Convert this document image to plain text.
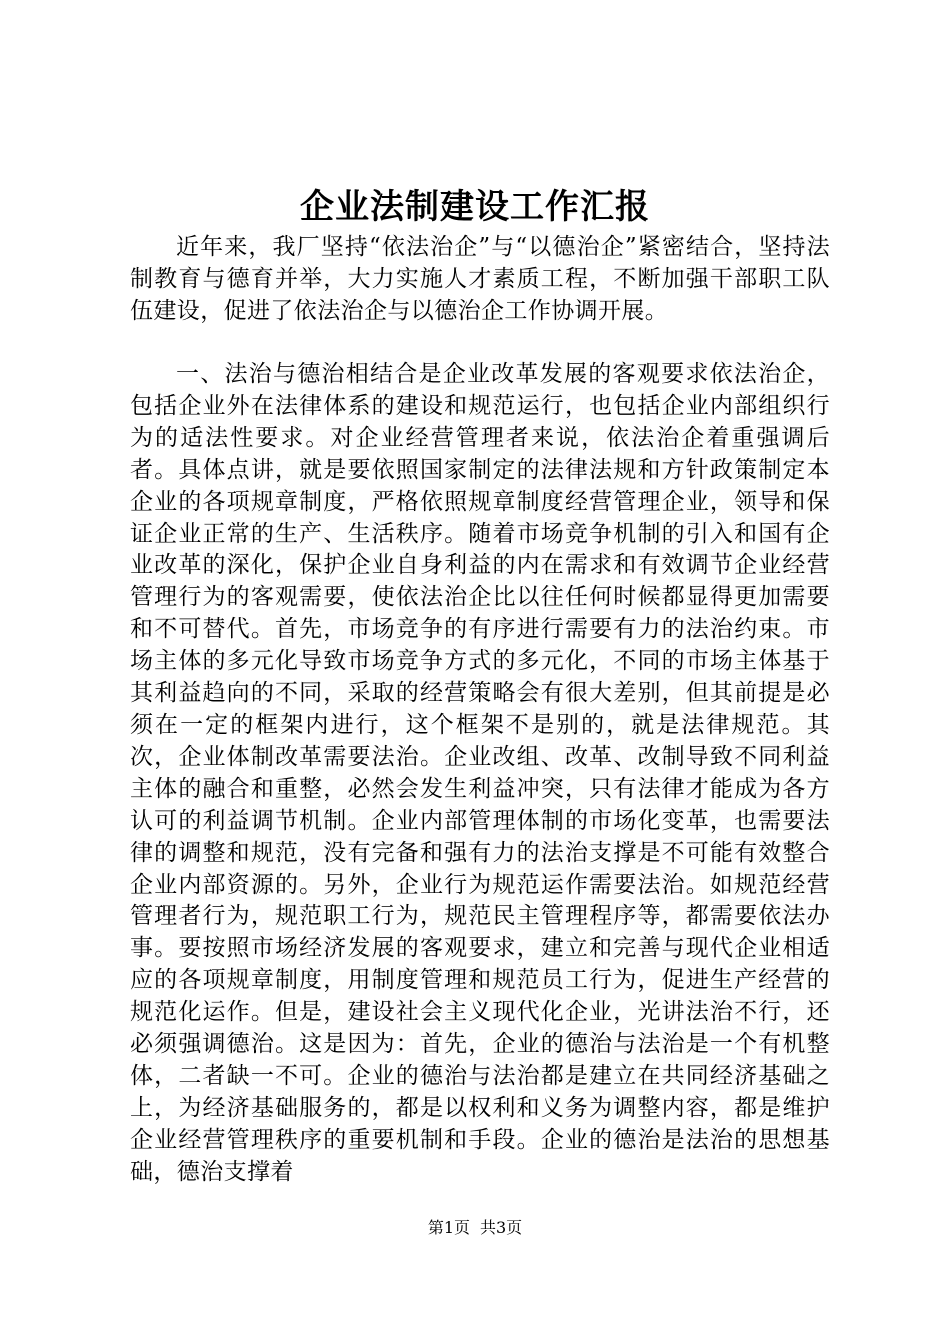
企业法制建设工作汇报

近年来，我厂坚持“依法治企”与“以德治企”紧密结合，坚持法制教育与德育并举，大力实施人才素质工程，不断加强干部职工队伍建设，促进了依法治企与以德治企工作协调开展。

一、法治与德治相结合是企业改革发展的客观要求依法治企，包括企业外在法律体系的建设和规范运行，也包括企业内部组织行为的适法性要求。对企业经营管理者来说，依法治企着重强调后者。具体点讲，就是要依照国家制定的法律法规和方针政策制定本企业的各项规章制度，严格依照规章制度经营管理企业，领导和保证企业正常的生产、生活秩序。随着市场竞争机制的引入和国有企业改革的深化，保护企业自身利益的内在需求和有效调节企业经营管理行为的客观需要，使依法治企比以往任何时候都显得更加需要和不可替代。首先，市场竞争的有序进行需要有力的法治约束。市场主体的多元化导致市场竞争方式的多元化，不同的市场主体基于其利益趋向的不同，采取的经营策略会有很大差别，但其前提是必须在一定的框架内进行，这个框架不是别的，就是法律规范。其次，企业体制改革需要法治。企业改组、改革、改制导致不同利益主体的融合和重整，必然会发生利益冲突，只有法律才能成为各方认可的利益调节机制。企业内部管理体制的市场化变革，也需要法律的调整和规范，没有完备和强有力的法治支撑是不可能有效整合企业内部资源的。另外，企业行为规范运作需要法治。如规范经营管理者行为，规范职工行为，规范民主管理程序等，都需要依法办事。要按照市场经济发展的客观要求，建立和完善与现代企业相适应的各项规章制度，用制度管理和规范员工行为，促进生产经营的规范化运作。但是，建设社会主义现代化企业，光讲法治不行，还必须强调德治。这是因为：首先，企业的德治与法治是一个有机整体，二者缺一不可。企业的德治与法治都是建立在共同经济基础之上，为经济基础服务的，都是以权利和义务为调整内容，都是维护企业经营管理秩序的重要机制和手段。企业的德治是法治的思想基础，德治支撑着

第1页 共3页
